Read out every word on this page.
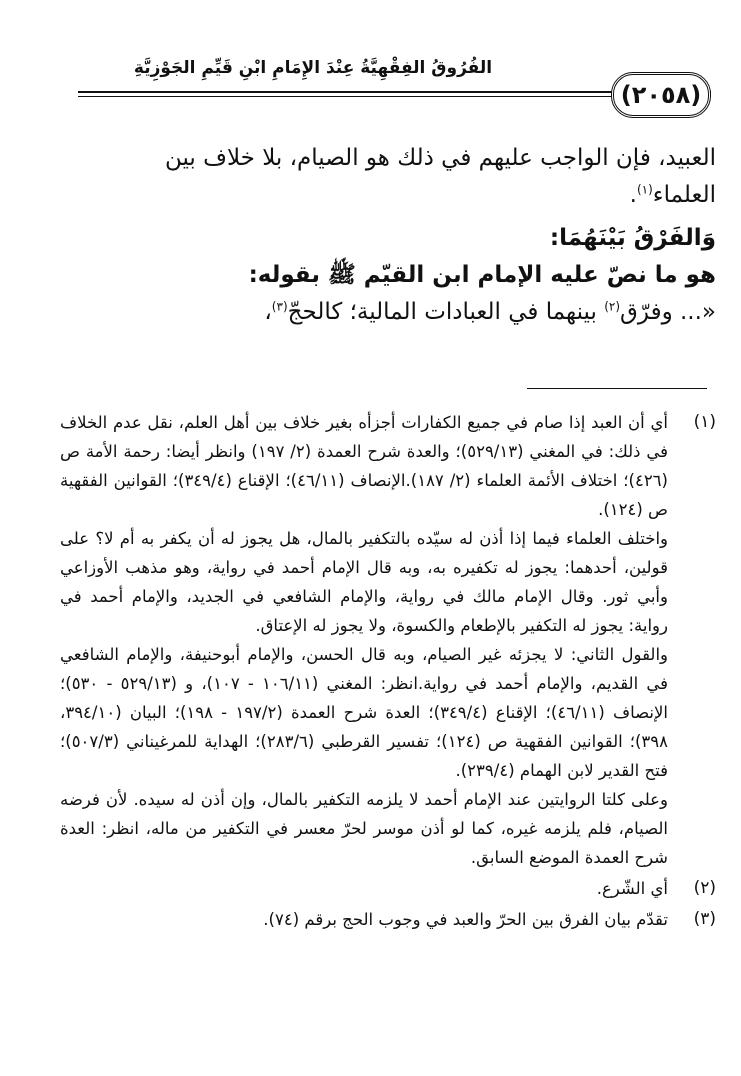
الفُرُوقُ الفِقْهِيَّةُ عِنْدَ الإِمَامِ ابْنِ قَيِّمِ الجَوْزِيَّةِ
(٢٠٥٨)

العبيد، فإن الواجب عليهم في ذلك هو الصيام، بلا خلاف بين
العلماء$^{(١)}$.

وَالفَرْقُ بَيْنَهُمَا:

هو ما نصّ عليه الإمام ابن القيّم ﷺ بقوله:

«... وفرّق$^{(٢)}$ بينهما في العبادات المالية؛ كالحجّ$^{(٣)}$،

(١)

أي أن العبد إذا صام في جميع الكفارات أجزأه بغير خلاف بين أهل العلم، نقل عدم الخلاف في ذلك: في المغني (٥٢٩/١٣)؛ والعدة شرح العمدة (٢/ ١٩٧) وانظر أيضا: رحمة الأمة ص (٤٢٦)؛ اختلاف الأئمة العلماء (٢/ ١٨٧).الإنصاف (٤٦/١١)؛ الإقناع (٣٤٩/٤)؛ القوانين الفقهية ص (١٢٤).

واختلف العلماء فيما إذا أذن له سيّده بالتكفير بالمال، هل يجوز له أن يكفر به أم لا؟ على قولين، أحدهما: يجوز له تكفيره به، وبه قال الإمام أحمد في رواية، وهو مذهب الأوزاعي وأبي ثور. وقال الإمام مالك في رواية، والإمام الشافعي في الجديد، والإمام أحمد في رواية: يجوز له التكفير بالإطعام والكسوة، ولا يجوز له الإعتاق.

والقول الثاني: لا يجزئه غير الصيام، وبه قال الحسن، والإمام أبوحنيفة، والإمام الشافعي في القديم، والإمام أحمد في رواية.انظر: المغني (١٠٦/١١ - ١٠٧)، و (٥٢٩/١٣ - ٥٣٠)؛ الإنصاف (٤٦/١١)؛ الإقناع (٣٤٩/٤)؛ العدة شرح العمدة (١٩٧/٢ - ١٩٨)؛ البيان (٣٩٤/١٠، ٣٩٨)؛ القوانين الفقهية ص (١٢٤)؛ تفسير القرطبي (٢٨٣/٦)؛ الهداية للمرغيناني (٥٠٧/٣)؛ فتح القدير لابن الهمام (٢٣٩/٤).

وعلى كلتا الروايتين عند الإمام أحمد لا يلزمه التكفير بالمال، وإن أذن له سيده. لأن فرضه الصيام، فلم يلزمه غيره، كما لو أذن موسر لحرّ معسر في التكفير من ماله، انظر: العدة شرح العمدة الموضع السابق.

(٢)

أي الشّرع.

(٣)

تقدّم بيان الفرق بين الحرّ والعبد في وجوب الحج برقم (٧٤).
